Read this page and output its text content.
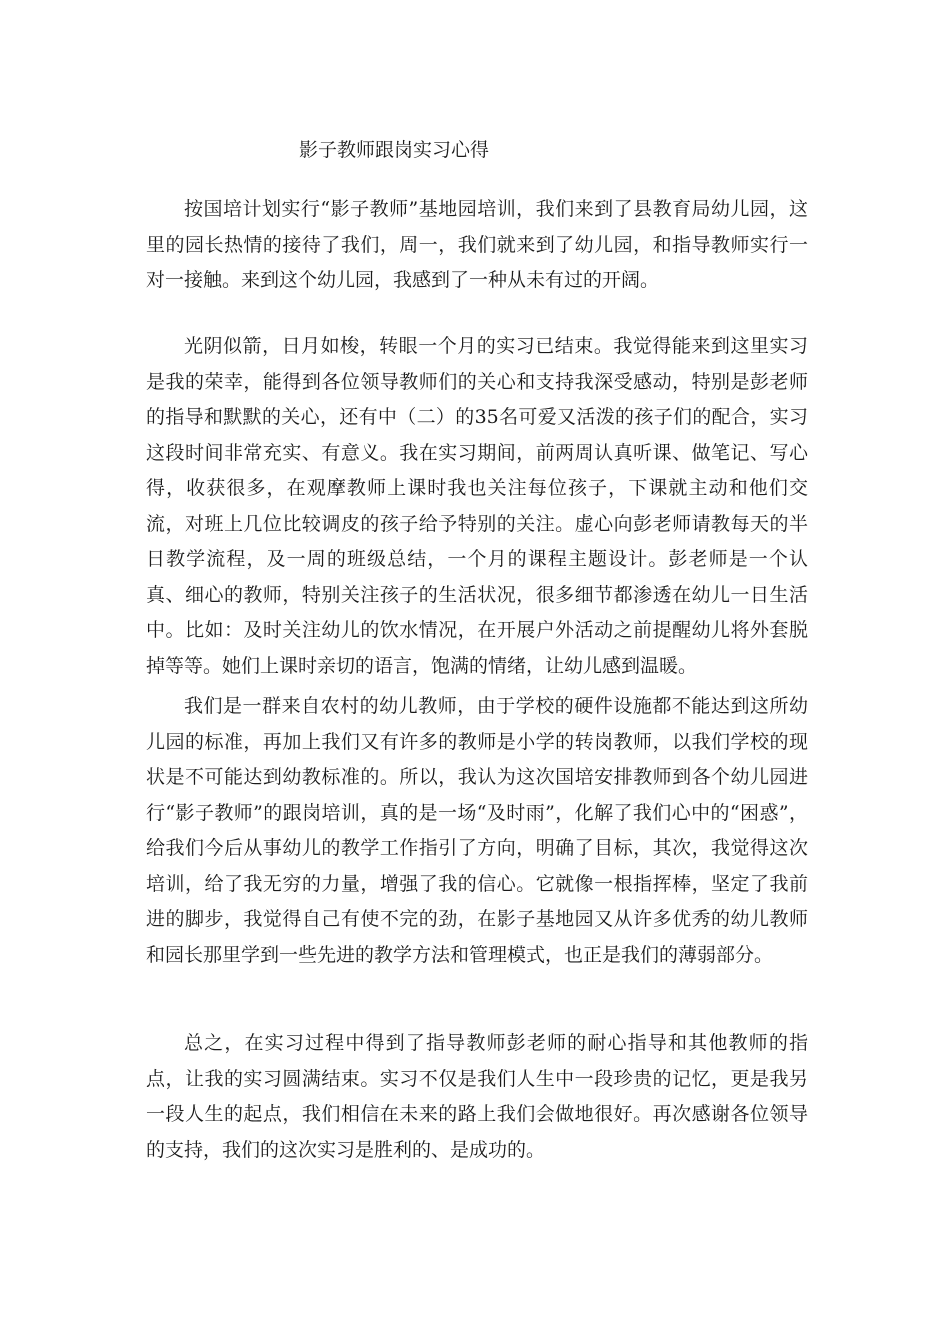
影子教师跟岗实习心得

按国培计划实行“影子教师”基地园培训，我们来到了县教育局幼儿园，这里的园长热情的接待了我们，周一，我们就来到了幼儿园，和指导教师实行一对一接触。来到这个幼儿园，我感到了一种从未有过的开阔。

光阴似箭，日月如梭，转眼一个月的实习已结束。我觉得能来到这里实习是我的荣幸，能得到各位领导教师们的关心和支持我深受感动，特别是彭老师的指导和默默的关心，还有中（二）的35名可爱又活泼的孩子们的配合，实习这段时间非常充实、有意义。我在实习期间，前两周认真听课、做笔记、写心得，收获很多，在观摩教师上课时我也关注每位孩子，下课就主动和他们交流，对班上几位比较调皮的孩子给予特别的关注。虚心向彭老师请教每天的半日教学流程，及一周的班级总结，一个月的课程主题设计。彭老师是一个认真、细心的教师，特别关注孩子的生活状况，很多细节都渗透在幼儿一日生活中。比如：及时关注幼儿的饮水情况，在开展户外活动之前提醒幼儿将外套脱掉等等。她们上课时亲切的语言，饱满的情绪，让幼儿感到温暖。

我们是一群来自农村的幼儿教师，由于学校的硬件设施都不能达到这所幼儿园的标准，再加上我们又有许多的教师是小学的转岗教师，以我们学校的现状是不可能达到幼教标准的。所以，我认为这次国培安排教师到各个幼儿园进行“影子教师”的跟岗培训，真的是一场“及时雨”，化解了我们心中的“困惑”，给我们今后从事幼儿的教学工作指引了方向，明确了目标，其次，我觉得这次培训，给了我无穷的力量，增强了我的信心。它就像一根指挥棒，坚定了我前进的脚步，我觉得自己有使不完的劲，在影子基地园又从许多优秀的幼儿教师和园长那里学到一些先进的教学方法和管理模式，也正是我们的薄弱部分。

总之，在实习过程中得到了指导教师彭老师的耐心指导和其他教师的指点，让我的实习圆满结束。实习不仅是我们人生中一段珍贵的记忆，更是我另一段人生的起点，我们相信在未来的路上我们会做地很好。再次感谢各位领导的支持，我们的这次实习是胜利的、是成功的。
